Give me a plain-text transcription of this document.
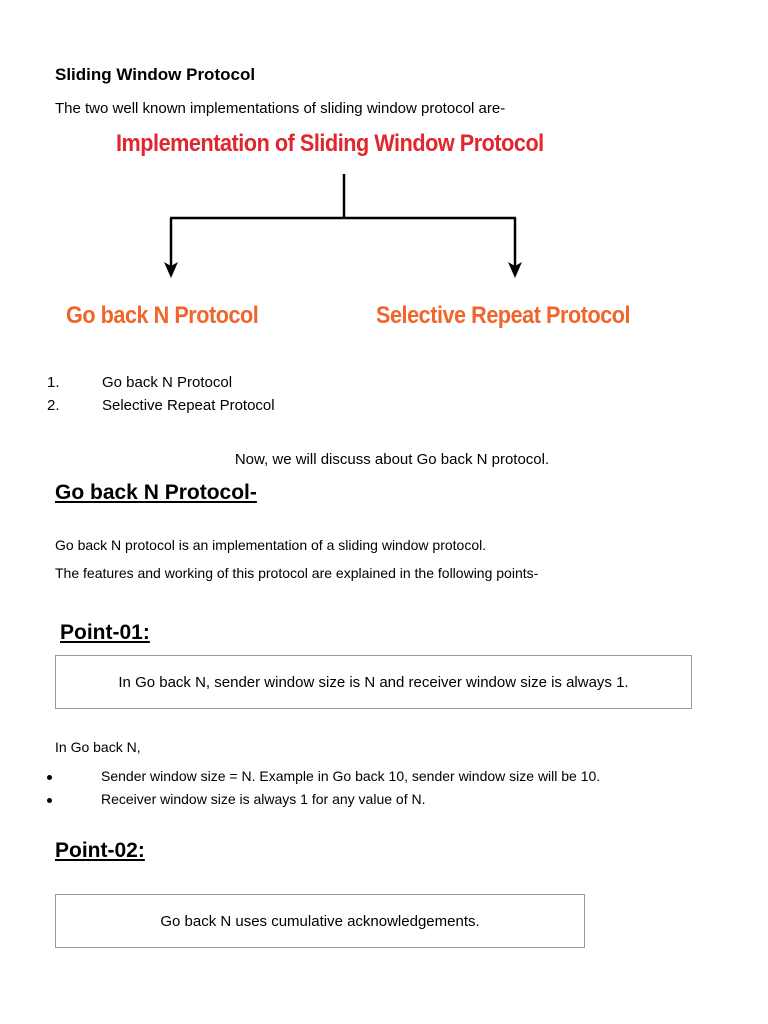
Sliding Window Protocol
The two well known implementations of sliding window protocol are-
Implementation of Sliding Window Protocol
Go back N Protocol	Selective Repeat Protocol
1.	Go back N Protocol
2.	Selective Repeat Protocol
Now, we will discuss about Go back N protocol.
Go back N Protocol-
Go back N protocol is an implementation of a sliding window protocol.
The features and working of this protocol are explained in the following points-
Point-01:
In Go back N, sender window size is N and receiver window size is always 1.
In Go back N,
Sender window size = N. Example in Go back 10, sender window size will be 10.
Receiver window size is always 1 for any value of N.
Point-02:
Go back N uses cumulative acknowledgements.
